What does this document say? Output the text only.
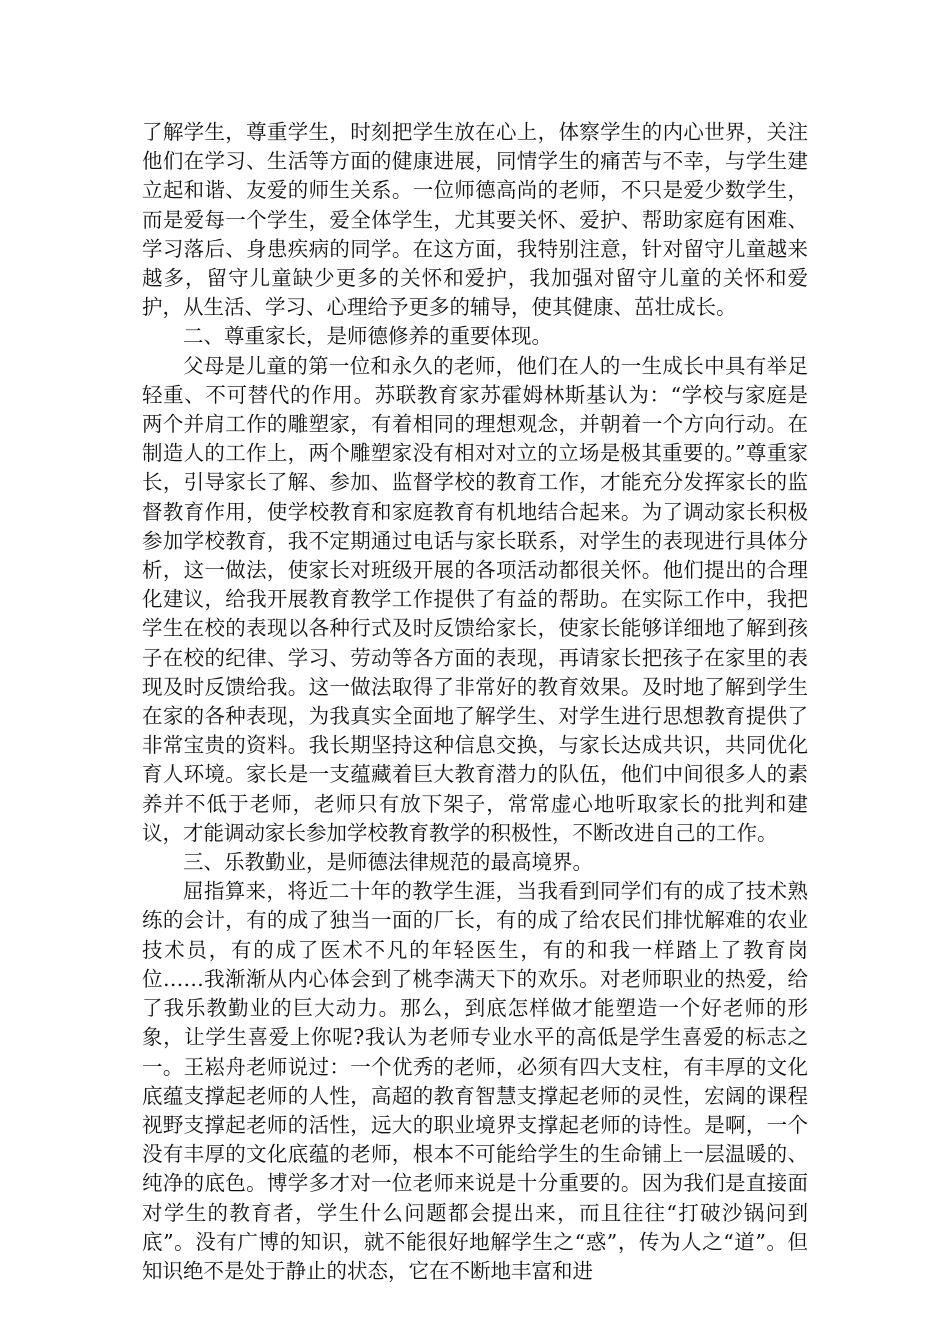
了解学生，尊重学生，时刻把学生放在心上，体察学生的内心世界，关注他们在学习、生活等方面的健康进展，同情学生的痛苦与不幸，与学生建立起和谐、友爱的师生关系。一位师德高尚的老师，不只是爱少数学生，而是爱每一个学生，爱全体学生，尤其要关怀、爱护、帮助家庭有困难、学习落后、身患疾病的同学。在这方面，我特别注意，针对留守儿童越来越多，留守儿童缺少更多的关怀和爱护，我加强对留守儿童的关怀和爱护，从生活、学习、心理给予更多的辅导，使其健康、茁壮成长。

二、尊重家长，是师德修养的重要体现。

父母是儿童的第一位和永久的老师，他们在人的一生成长中具有举足轻重、不可替代的作用。苏联教育家苏霍姆林斯基认为：“学校与家庭是两个并肩工作的雕塑家，有着相同的理想观念，并朝着一个方向行动。在制造人的工作上，两个雕塑家没有相对对立的立场是极其重要的。”尊重家长，引导家长了解、参加、监督学校的教育工作，才能充分发挥家长的监督教育作用，使学校教育和家庭教育有机地结合起来。为了调动家长积极参加学校教育，我不定期通过电话与家长联系，对学生的表现进行具体分析，这一做法，使家长对班级开展的各项活动都很关怀。他们提出的合理化建议，给我开展教育教学工作提供了有益的帮助。在实际工作中，我把学生在校的表现以各种行式及时反馈给家长，使家长能够详细地了解到孩子在校的纪律、学习、劳动等各方面的表现，再请家长把孩子在家里的表现及时反馈给我。这一做法取得了非常好的教育效果。及时地了解到学生在家的各种表现，为我真实全面地了解学生、对学生进行思想教育提供了非常宝贵的资料。我长期坚持这种信息交换，与家长达成共识，共同优化育人环境。家长是一支蕴藏着巨大教育潜力的队伍，他们中间很多人的素养并不低于老师，老师只有放下架子，常常虚心地听取家长的批判和建议，才能调动家长参加学校教育教学的积极性，不断改进自己的工作。

三、乐教勤业，是师德法律规范的最高境界。

屈指算来，将近二十年的教学生涯，当我看到同学们有的成了技术熟练的会计，有的成了独当一面的厂长，有的成了给农民们排忧解难的农业技术员，有的成了医术不凡的年轻医生，有的和我一样踏上了教育岗位……我渐渐从内心体会到了桃李满天下的欢乐。对老师职业的热爱，给了我乐教勤业的巨大动力。那么，到底怎样做才能塑造一个好老师的形象，让学生喜爱上你呢?我认为老师专业水平的高低是学生喜爱的标志之一。王崧舟老师说过：一个优秀的老师，必须有四大支柱，有丰厚的文化底蕴支撑起老师的人性，高超的教育智慧支撑起老师的灵性，宏阔的课程视野支撑起老师的活性，远大的职业境界支撑起老师的诗性。是啊，一个没有丰厚的文化底蕴的老师，根本不可能给学生的生命铺上一层温暖的、纯净的底色。博学多才对一位老师来说是十分重要的。因为我们是直接面对学生的教育者，学生什么问题都会提出来，而且往往“打破沙锅问到底”。没有广博的知识，就不能很好地解学生之“惑”，传为人之“道”。但知识绝不是处于静止的状态，它在不断地丰富和进
